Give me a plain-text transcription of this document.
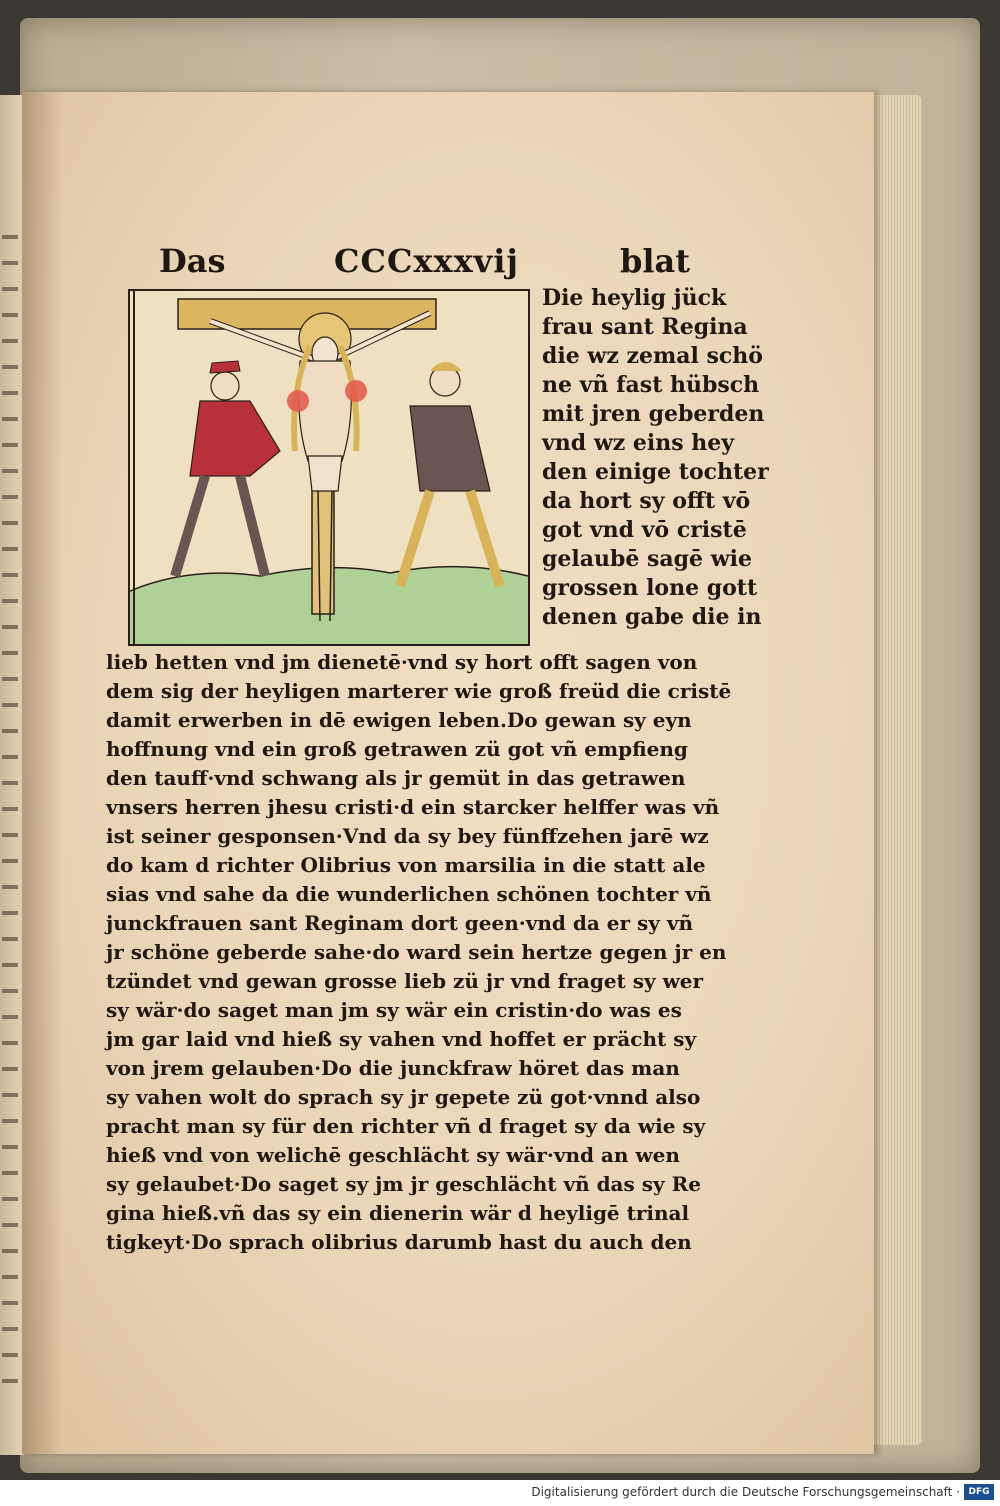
Das	CCCxxxvij	blat
Die heylig jück
frau sant Regina
die wz zemal schö
ne vñ fast hübsch
mit jren geberden
vnd wz eins hey
den einige tochter
da hort sy offt vō
got vnd vō cristē
gelaubē sagē wie
grossen lone gott
denen gabe die in
lieb hetten vnd jm dienetē·vnd sy hort offt sagen von
dem sig der heyligen marterer wie groß freüd die cristē
damit erwerben in dē ewigen leben.Do gewan sy eyn
hoffnung vnd ein groß getrawen zü got vñ empfieng
den tauff·vnd schwang als jr gemüt in das getrawen
vnsers herren jhesu cristi·d ein starcker helffer was vñ
ist seiner gesponsen·Vnd da sy bey fünffzehen jarē wz
do kam d richter Olibrius von marsilia in die statt ale
sias vnd sahe da die wunderlichen schönen tochter vñ
junckfrauen sant Reginam dort geen·vnd da er sy vñ
jr schöne geberde sahe·do ward sein hertze gegen jr en
tzündet vnd gewan grosse lieb zü jr vnd fraget sy wer
sy wär·do saget man jm sy wär ein cristin·do was es
jm gar laid vnd hieß sy vahen vnd hoffet er prächt sy
von jrem gelauben·Do die junckfraw höret das man
sy vahen wolt do sprach sy jr gepete zü got·vnnd also
pracht man sy für den richter vñ d fraget sy da wie sy
hieß vnd von welichē geschlächt sy wär·vnd an wen
sy gelaubet·Do saget sy jm jr geschlächt vñ das sy Re
gina hieß.vñ das sy ein dienerin wär d heyligē trinal
tigkeyt·Do sprach olibrius darumb hast du auch den
Digitalisierung gefördert durch die Deutsche Forschungsgemeinschaft · DFG
